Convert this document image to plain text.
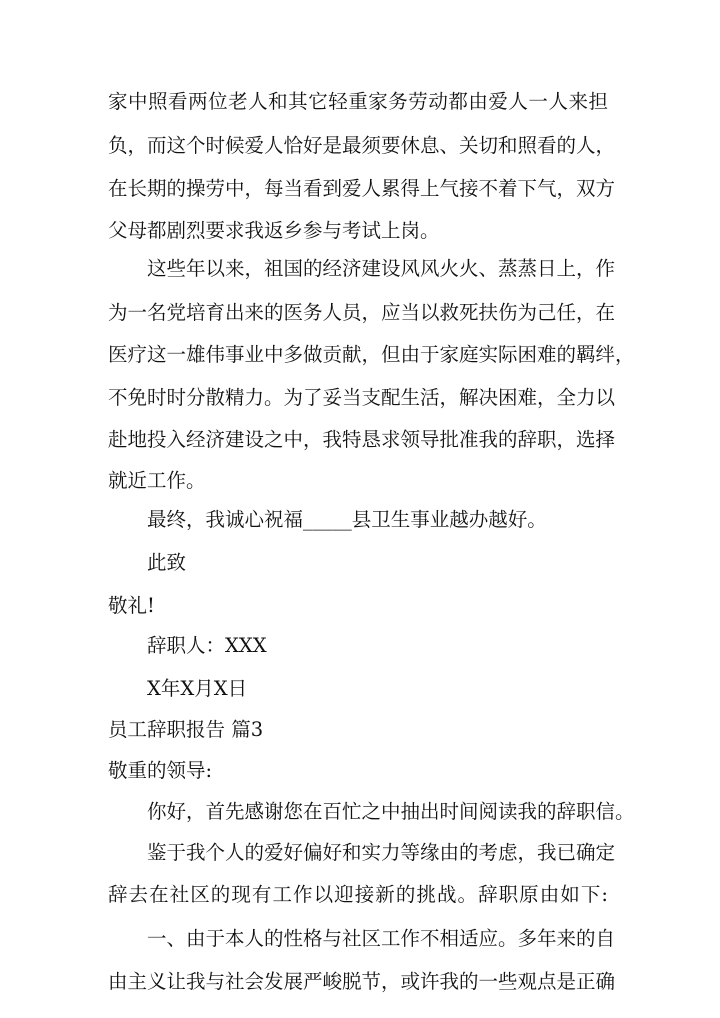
家中照看两位老人和其它轻重家务劳动都由爱人一人来担
负，而这个时候爱人恰好是最须要休息、关切和照看的人，
在长期的操劳中，每当看到爱人累得上气接不着下气，双方
父母都剧烈要求我返乡参与考试上岗。
这些年以来，祖国的经济建设风风火火、蒸蒸日上，作
为一名党培育出来的医务人员，应当以救死扶伤为己任，在
医疗这一雄伟事业中多做贡献，但由于家庭实际困难的羁绊，
不免时时分散精力。为了妥当支配生活，解决困难，全力以
赴地投入经济建设之中，我特恳求领导批准我的辞职，选择
就近工作。
最终，我诚心祝福_____县卫生事业越办越好。
此致
敬礼!
辞职人：XXX
X年X月X日
员工辞职报告 篇3
敬重的领导:
你好，首先感谢您在百忙之中抽出时间阅读我的辞职信。
鉴于我个人的爱好偏好和实力等缘由的考虑，我已确定
辞去在社区的现有工作以迎接新的挑战。辞职原由如下:
一、由于本人的性格与社区工作不相适应。多年来的自
由主义让我与社会发展严峻脱节，或许我的一些观点是正确
